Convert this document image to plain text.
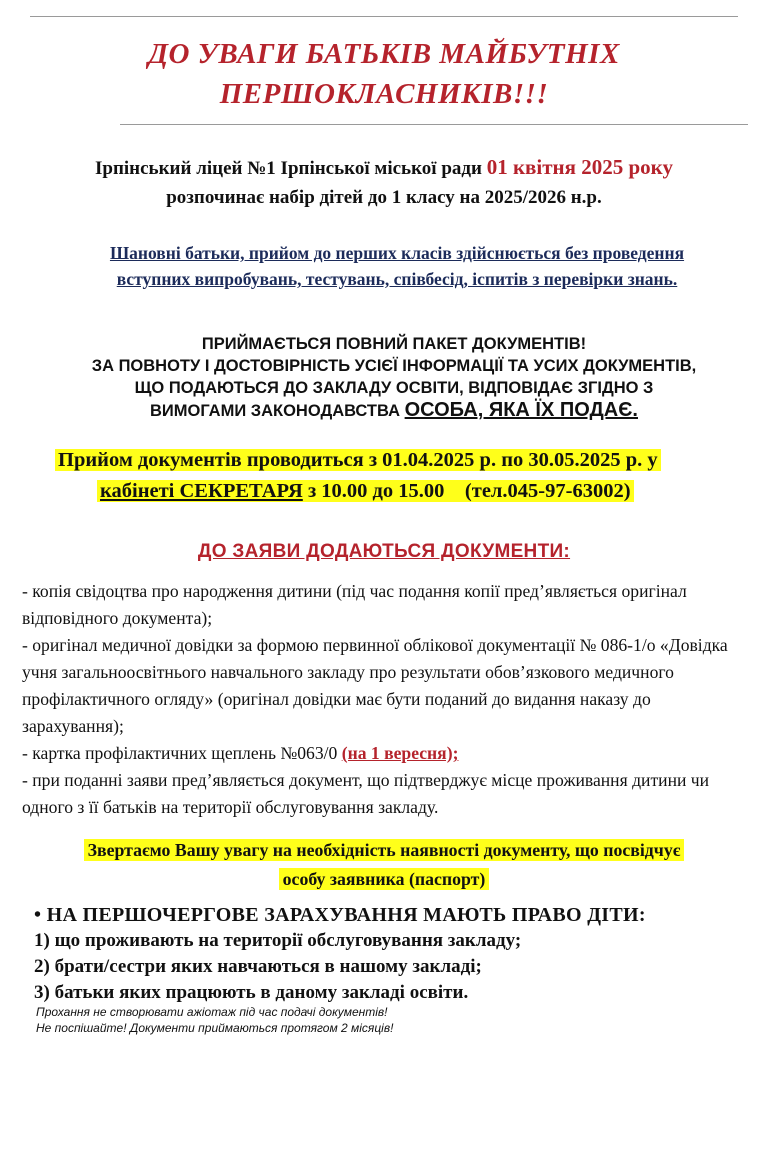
ДО УВАГИ БАТЬКІВ МАЙБУТНІХ
ПЕРШОКЛАСНИКІВ!!!
Ірпінський ліцей №1 Ірпінської міської ради 01 квітня 2025 року
розпочинає набір дітей до 1 класу на 2025/2026 н.р.
Шановні батьки, прийом до перших класів здійснюється без проведення
вступних випробувань, тестувань, співбесід, іспитів з перевірки знань.
ПРИЙМАЄТЬСЯ ПОВНИЙ ПАКЕТ ДОКУМЕНТІВ!
ЗА ПОВНОТУ І ДОСТОВІРНІСТЬ УСІЄЇ ІНФОРМАЦІЇ ТА УСИХ ДОКУМЕНТІВ,
ЩО ПОДАЮТЬСЯ ДО ЗАКЛАДУ ОСВІТИ, ВІДПОВІДАЄ ЗГІДНО З
ВИМОГАМИ ЗАКОНОДАВСТВА ОСОБА, ЯКА ЇХ ПОДАЄ.
Прийом документів проводиться з 01.04.2025 р. по 30.05.2025 р. у
кабінеті СЕКРЕТАРЯ з 10.00 до 15.00    (тел.045-97-63002)
ДО ЗАЯВИ ДОДАЮТЬСЯ ДОКУМЕНТИ:

- копія свідоцтва про народження дитини (під час подання копії пред’являється оригінал відповідного документа);

- оригінал медичної довідки за формою первинної облікової документації № 086-1/о «Довідка учня загальноосвітнього навчального закладу про результати обов’язкового медичного профілактичного огляду» (оригінал довідки має бути поданий до видання наказу до зарахування);

- картка профілактичних щеплень №063/0 (на 1 вересня);

- при поданні заяви пред’являється документ, що підтверджує місце проживання дитини чи одного з її батьків на території обслуговування закладу.

Звертаємо Вашу увагу на необхідність наявності документу, що посвідчує
особу заявника (паспорт)

• НА ПЕРШОЧЕРГОВЕ ЗАРАХУВАННЯ МАЮТЬ ПРАВО ДІТИ:

1) що проживають на території обслуговування закладу;

2) брати/сестри яких навчаються в нашому закладі;

3) батьки яких працюють в даному закладі освіти.

Прохання не створювати ажіотаж під час подачі документів!

Не поспішайте! Документи приймаються протягом 2 місяців!
